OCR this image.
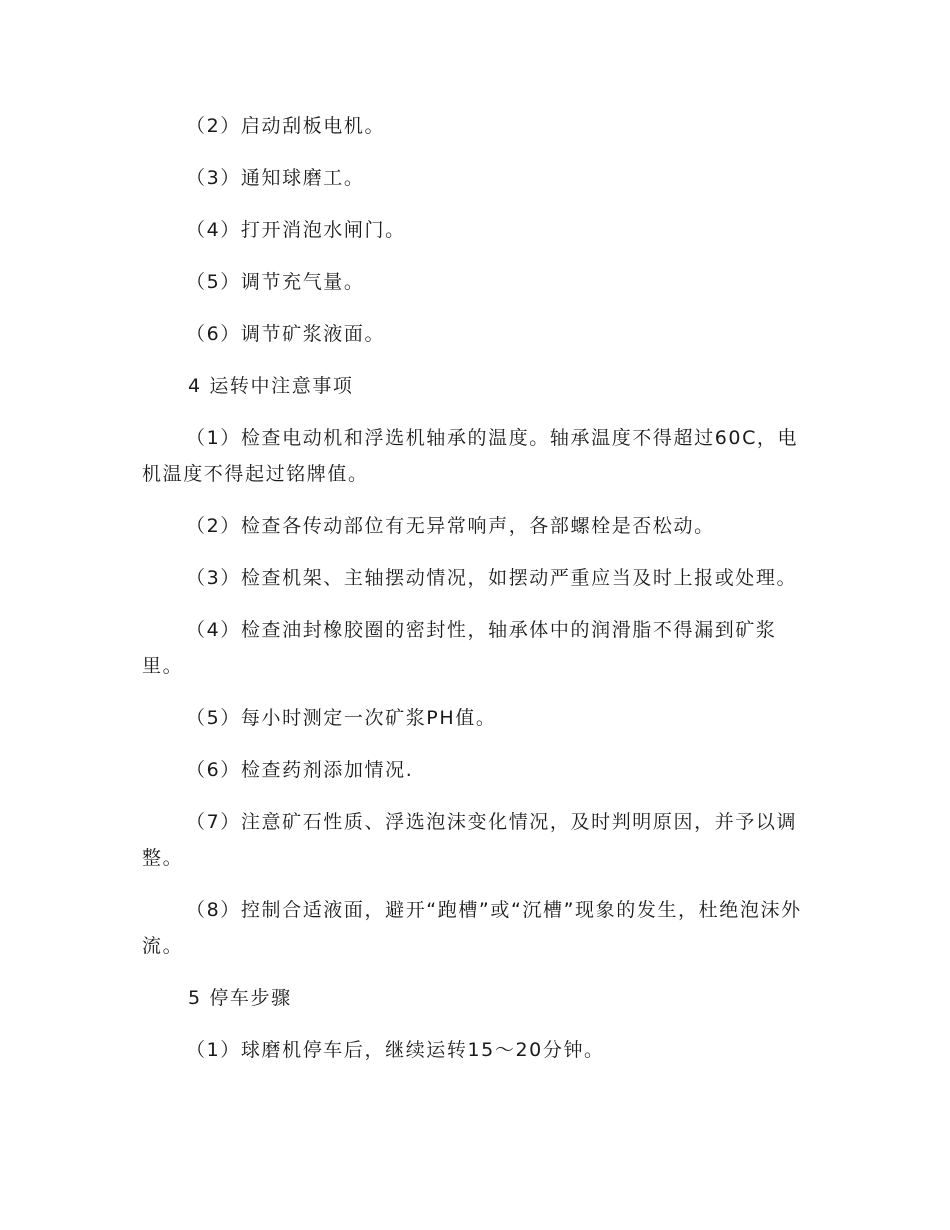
（2）启动刮板电机。

（3）通知球磨工。

（4）打开消泡水闸门。

（5）调节充气量。

（6）调节矿浆液面。

4 运转中注意事项

（1）检查电动机和浮选机轴承的温度。轴承温度不得超过60C，电机温度不得起过铭牌值。

（2）检查各传动部位有无异常响声，各部螺栓是否松动。

（3）检查机架、主轴摆动情况，如摆动严重应当及时上报或处理。

（4）检查油封橡胶圈的密封性，轴承体中的润滑脂不得漏到矿浆里。

（5）每小时测定一次矿浆PH值。

（6）检查药剂添加情况.

（7）注意矿石性质、浮选泡沫变化情况，及时判明原因，并予以调整。

（8）控制合适液面，避开“跑槽”或“沉槽”现象的发生，杜绝泡沫外流。

5 停车步骤

（1）球磨机停车后，继续运转15～20分钟。
